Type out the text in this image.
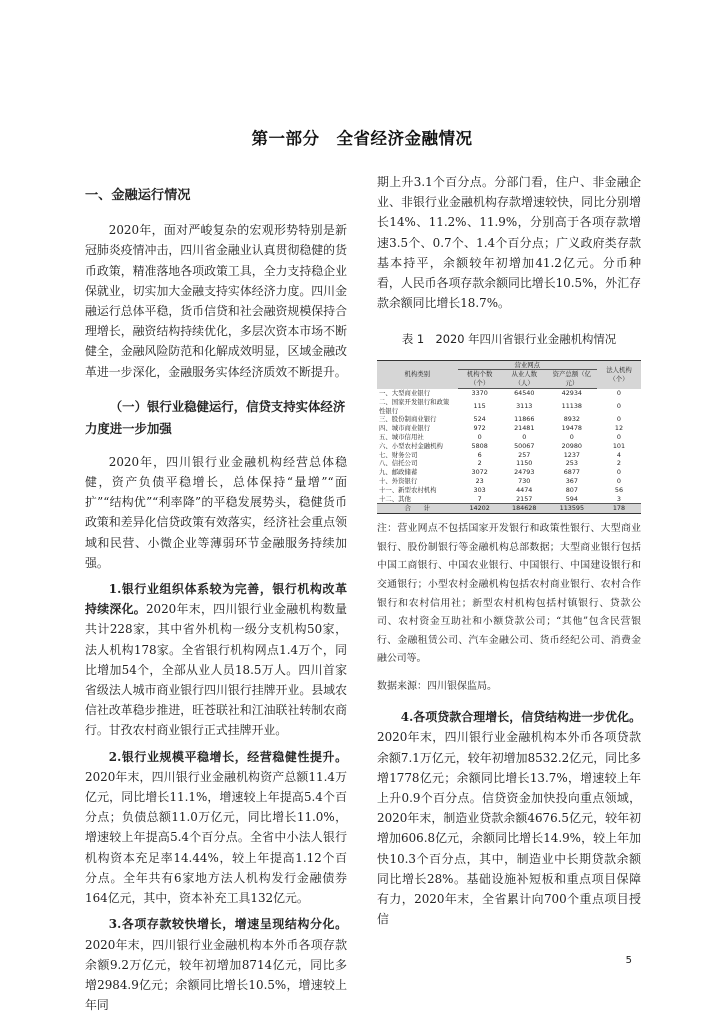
第一部分　全省经济金融情况
一、金融运行情况

2020年，面对严峻复杂的宏观形势特别是新冠肺炎疫情冲击，四川省金融业认真贯彻稳健的货币政策，精准落地各项政策工具，全力支持稳企业保就业，切实加大金融支持实体经济力度。四川金融运行总体平稳，货币信贷和社会融资规模保持合理增长，融资结构持续优化，多层次资本市场不断健全，金融风险防范和化解成效明显，区域金融改革进一步深化，金融服务实体经济质效不断提升。

（一）银行业稳健运行，信贷支持实体经济力度进一步加强

2020年，四川银行业金融机构经营总体稳健，资产负债平稳增长，总体保持“量增”“面扩”“结构优”“利率降”的平稳发展势头，稳健货币政策和差异化信贷政策有效落实，经济社会重点领域和民营、小微企业等薄弱环节金融服务持续加强。

1.银行业组织体系较为完善，银行机构改革持续深化。2020年末，四川银行业金融机构数量共计228家，其中省外机构一级分支机构50家，法人机构178家。全省银行机构网点1.4万个，同比增加54个，全部从业人员18.5万人。四川首家省级法人城市商业银行四川银行挂牌开业。县域农信社改革稳步推进，旺苍联社和江油联社转制农商行。甘孜农村商业银行正式挂牌开业。

2.银行业规模平稳增长，经营稳健性提升。2020年末，四川银行业金融机构资产总额11.4万亿元，同比增长11.1%，增速较上年提高5.4个百分点；负债总额11.0万亿元，同比增长11.0%，增速较上年提高5.4个百分点。全省中小法人银行机构资本充足率14.44%，较上年提高1.12个百分点。全年共有6家地方法人机构发行金融债券164亿元，其中，资本补充工具132亿元。

3.各项存款较快增长，增速呈现结构分化。2020年末，四川银行业金融机构本外币各项存款余额9.2万亿元，较年初增加8714亿元，同比多增2984.9亿元；余额同比增长10.5%，增速较上年同

期上升3.1个百分点。分部门看，住户、非金融企业、非银行业金融机构存款增速较快，同比分别增长14%、11.2%、11.9%，分别高于各项存款增速3.5个、0.7个、1.4个百分点；广义政府类存款基本持平，余额较年初增加41.2亿元。分币种看，人民币各项存款余额同比增长10.5%，外汇存款余额同比增长18.7%。

表 1　2020 年四川省银行业金融机构情况
机构类别	营业网点			法人机构（个）
	机构个数（个）	从业人数（人）	资产总额（亿元）	
一、大型商业银行	3370	64540	42934	0
二、国家开发银行和政策性银行	115	3113	11138	0
三、股份制商业银行	524	11866	8932	0
四、城市商业银行	972	21481	19478	12
五、城市信用社	0	0	0	0
六、小型农村金融机构	5808	50067	20980	101
七、财务公司	6	257	1237	4
八、信托公司	2	1150	253	2
九、邮政储蓄	3072	24793	6877	0
十、外资银行	23	730	367	0
十一、新型农村机构	303	4474	807	56
十二、其他	7	2157	594	3
合　　计	14202	184628	113595	178
注：营业网点不包括国家开发银行和政策性银行、大型商业银行、股份制银行等金融机构总部数据；大型商业银行包括中国工商银行、中国农业银行、中国银行、中国建设银行和交通银行；小型农村金融机构包括农村商业银行、农村合作银行和农村信用社；新型农村机构包括村镇银行、贷款公司、农村资金互助社和小额贷款公司；“其他”包含民营银行、金融租赁公司、汽车金融公司、货币经纪公司、消费金融公司等。
数据来源：四川银保监局。

4.各项贷款合理增长，信贷结构进一步优化。2020年末，四川银行业金融机构本外币各项贷款余额7.1万亿元，较年初增加8532.2亿元，同比多增1778亿元；余额同比增长13.7%，增速较上年上升0.9个百分点。信贷资金加快投向重点领域，2020年末，制造业贷款余额4676.5亿元，较年初增加606.8亿元，余额同比增长14.9%，较上年加快10.3个百分点，其中，制造业中长期贷款余额同比增长28%。基础设施补短板和重点项目保障有力，2020年末，全省累计向700个重点项目授信

5
